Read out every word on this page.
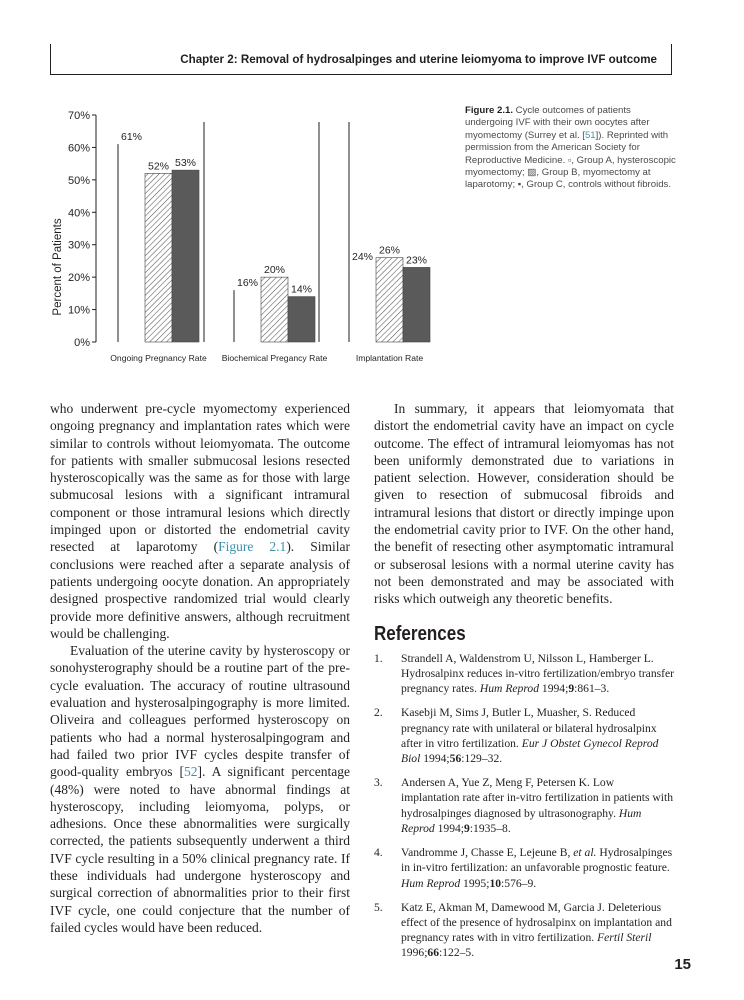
Chapter 2: Removal of hydrosalpinges and uterine leiomyoma to improve IVF outcome
Percent of Patients
0%
10%
20%
30%
40%
50%
60%
70%
61%
52% 53%
16%
20%
14%
24%
26%
23%
Ongoing Pregnancy Rate Biochemical Pregancy Rate	Implantation Rate
Figure 2.1. Cycle outcomes of patients undergoing IVF with their own oocytes after myomectomy (Surrey et al. [51]). Reprinted with permission from the American Society for Reproductive Medicine. ▫, Group A, hysteroscopic myomectomy; ▨, Group B, myomectomy at laparotomy; ▪, Group C, controls without fibroids.

who underwent pre-cycle myomectomy experienced ongoing pregnancy and implantation rates which were similar to controls without leiomyomata. The outcome for patients with smaller submucosal lesions resected hysteroscopically was the same as for those with large submucosal lesions with a significant intramural component or those intramural lesions which directly impinged upon or distorted the endometrial cavity resected at laparotomy (Figure 2.1). Similar conclusions were reached after a separate analysis of patients undergoing oocyte donation. An appropriately designed prospective randomized trial would clearly provide more definitive answers, although recruitment would be challenging.

Evaluation of the uterine cavity by hysteroscopy or sonohysterography should be a routine part of the pre-cycle evaluation. The accuracy of routine ultrasound evaluation and hysterosalpingography is more limited. Oliveira and colleagues performed hysteroscopy on patients who had a normal hysterosalpingogram and had failed two prior IVF cycles despite transfer of good-quality embryos [52]. A significant percentage (48%) were noted to have abnormal findings at hysteroscopy, including leiomyoma, polyps, or adhesions. Once these abnormalities were surgically corrected, the patients subsequently underwent a third IVF cycle resulting in a 50% clinical pregnancy rate. If these individuals had undergone hysteroscopy and surgical correction of abnormalities prior to their first IVF cycle, one could conjecture that the number of failed cycles would have been reduced.

In summary, it appears that leiomyomata that distort the endometrial cavity have an impact on cycle outcome. The effect of intramural leiomyomas has not been uniformly demonstrated due to variations in patient selection. However, consideration should be given to resection of submucosal fibroids and intramural lesions that distort or directly impinge upon the endometrial cavity prior to IVF. On the other hand, the benefit of resecting other asymptomatic intramural or subserosal lesions with a normal uterine cavity has not been demonstrated and may be associated with risks which outweigh any theoretic benefits.

References
1. Strandell A, Waldenstrom U, Nilsson L, Hamberger L. Hydrosalpinx reduces in-vitro fertilization/embryo transfer pregnancy rates. Hum Reprod 1994;9:861–3.
2. Kasebji M, Sims J, Butler L, Muasher, S. Reduced pregnancy rate with unilateral or bilateral hydrosalpinx after in vitro fertilization. Eur J Obstet Gynecol Reprod Biol 1994;56:129–32.
3. Andersen A, Yue Z, Meng F, Petersen K. Low implantation rate after in-vitro fertilization in patients with hydrosalpinges diagnosed by ultrasonography. Hum Reprod 1994;9:1935–8.
4. Vandromme J, Chasse E, Lejeune B, et al. Hydrosalpinges in in-vitro fertilization: an unfavorable prognostic feature. Hum Reprod 1995;10:576–9.
5. Katz E, Akman M, Damewood M, Garcia J. Deleterious effect of the presence of hydrosalpinx on implantation and pregnancy rates with in vitro fertilization. Fertil Steril 1996;66:122–5.
15
